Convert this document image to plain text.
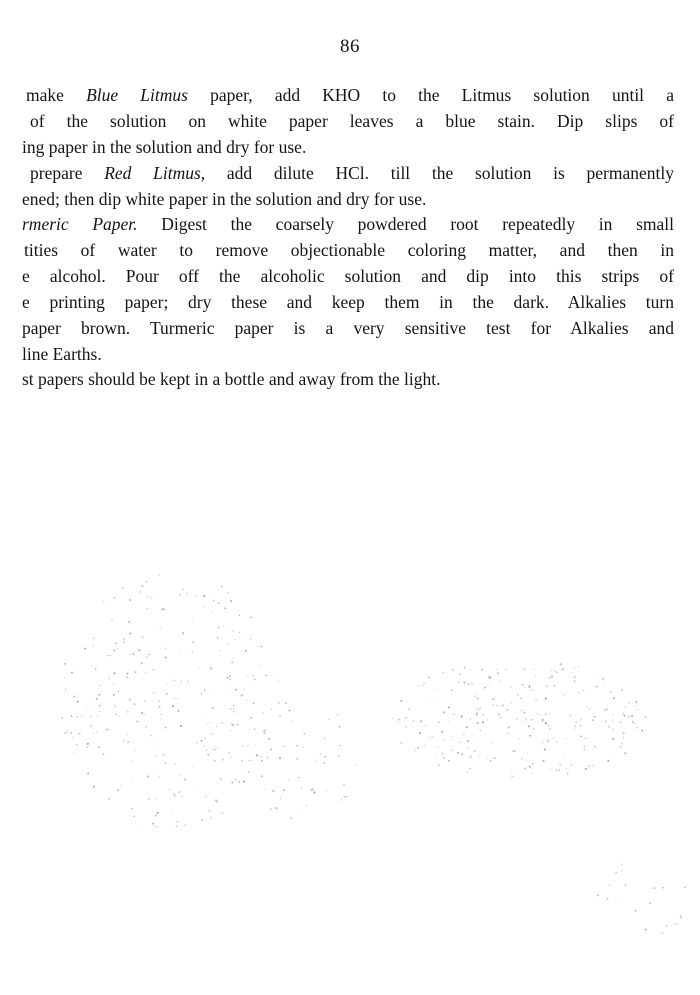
86
make Blue Litmus paper, add KHO to the Litmus solution until a
of the solution on white paper leaves a blue stain. Dip slips of
ing paper in the solution and dry for use.
prepare Red Litmus, add dilute HCl. till the solution is permanently
ened; then dip white paper in the solution and dry for use.
rmeric Paper. Digest the coarsely powdered root repeatedly in small
tities of water to remove objectionable coloring matter, and then in
e alcohol. Pour off the alcoholic solution and dip into this strips of
e printing paper; dry these and keep them in the dark. Alkalies turn
paper brown. Turmeric paper is a very sensitive test for Alkalies and
line Earths.
st papers should be kept in a bottle and away from the light.
